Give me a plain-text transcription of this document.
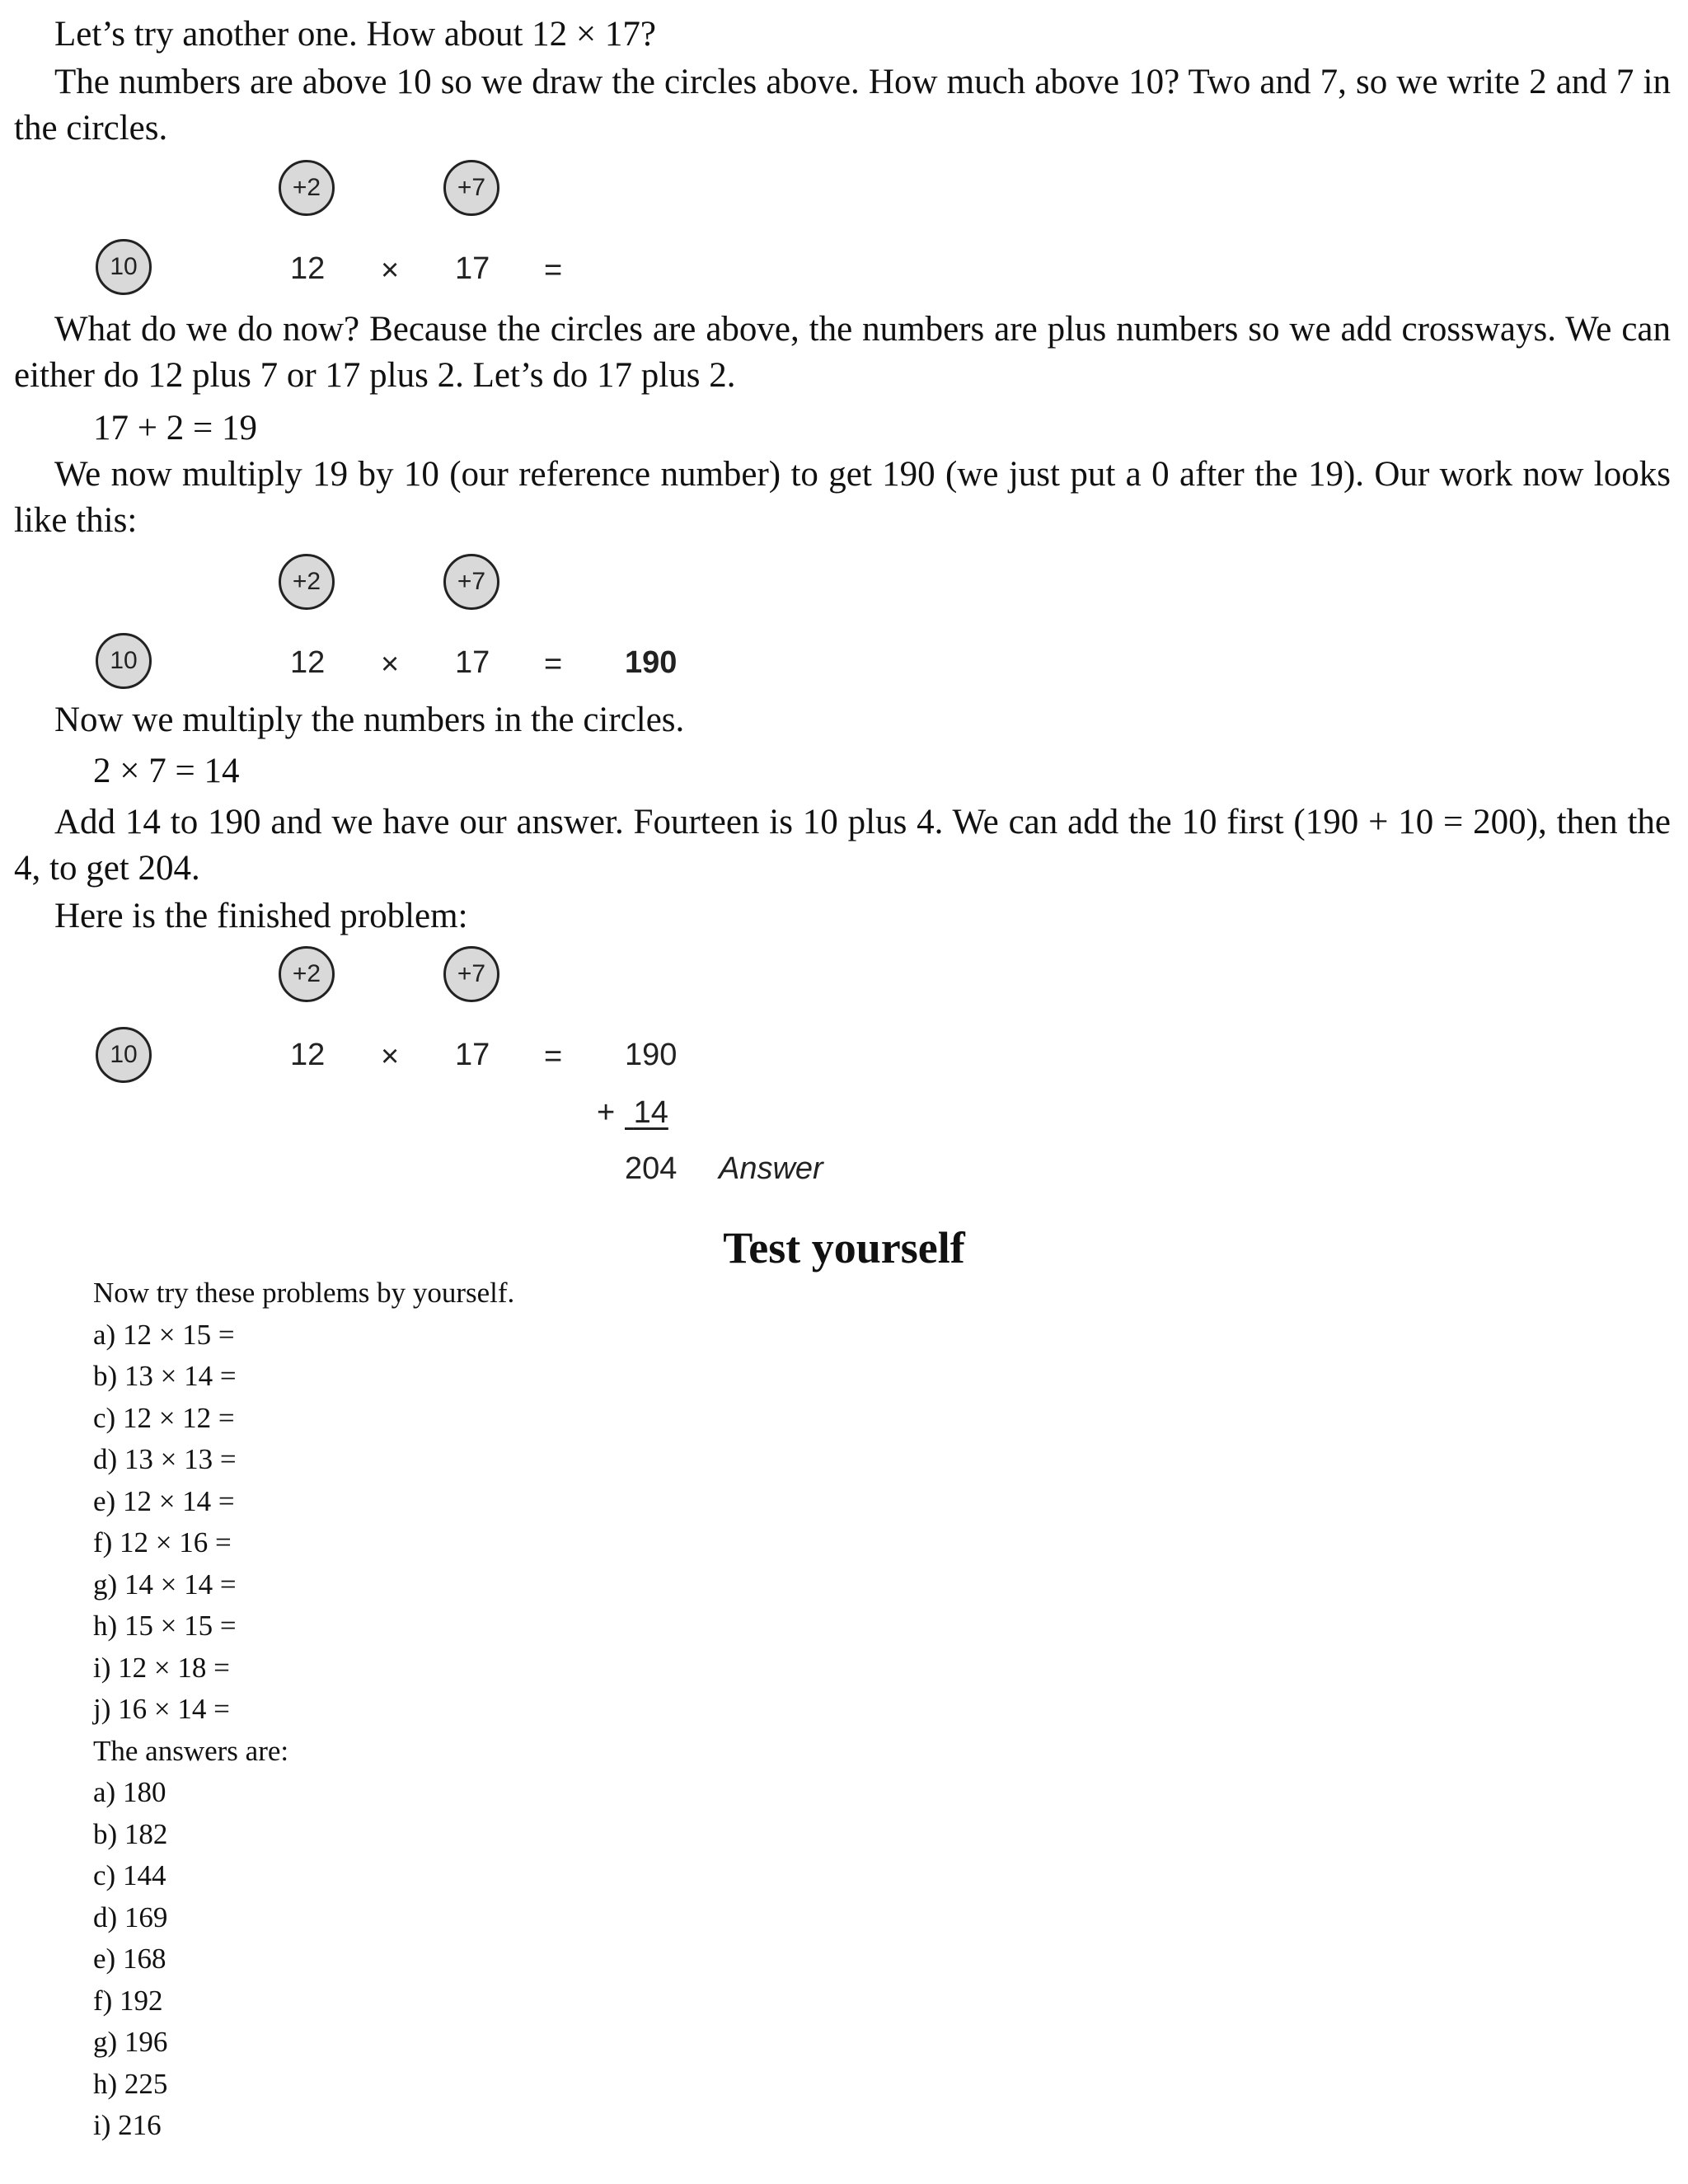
Let’s try another one. How about 12 × 17?

The numbers are above 10 so we draw the circles above. How much above 10? Two and 7, so we write 2 and 7 in the circles.

+2	+7
10	12 × 17 =

What do we do now? Because the circles are above, the numbers are plus numbers so we add crossways. We can either do 12 plus 7 or 17 plus 2. Let’s do 17 plus 2.

17 + 2 = 19

We now multiply 19 by 10 (our reference number) to get 190 (we just put a 0 after the 19). Our work now looks like this:

+2	+7
10	12 × 17 = 190

Now we multiply the numbers in the circles.

2 × 7 = 14

Add 14 to 190 and we have our answer. Fourteen is 10 plus 4. We can add the 10 first (190 + 10 = 200), then the 4, to get 204.

Here is the finished problem:

+2	+7
10	12 × 17 = 190
+ 14
204 Answer
Test yourself
Now try these problems by yourself.
a) 12 × 15 =
b) 13 × 14 =
c) 12 × 12 =
d) 13 × 13 =
e) 12 × 14 =
f) 12 × 16 =
g) 14 × 14 =
h) 15 × 15 =
i) 12 × 18 =
j) 16 × 14 =
The answers are:
a) 180
b) 182
c) 144
d) 169
e) 168
f) 192
g) 196
h) 225
i) 216
